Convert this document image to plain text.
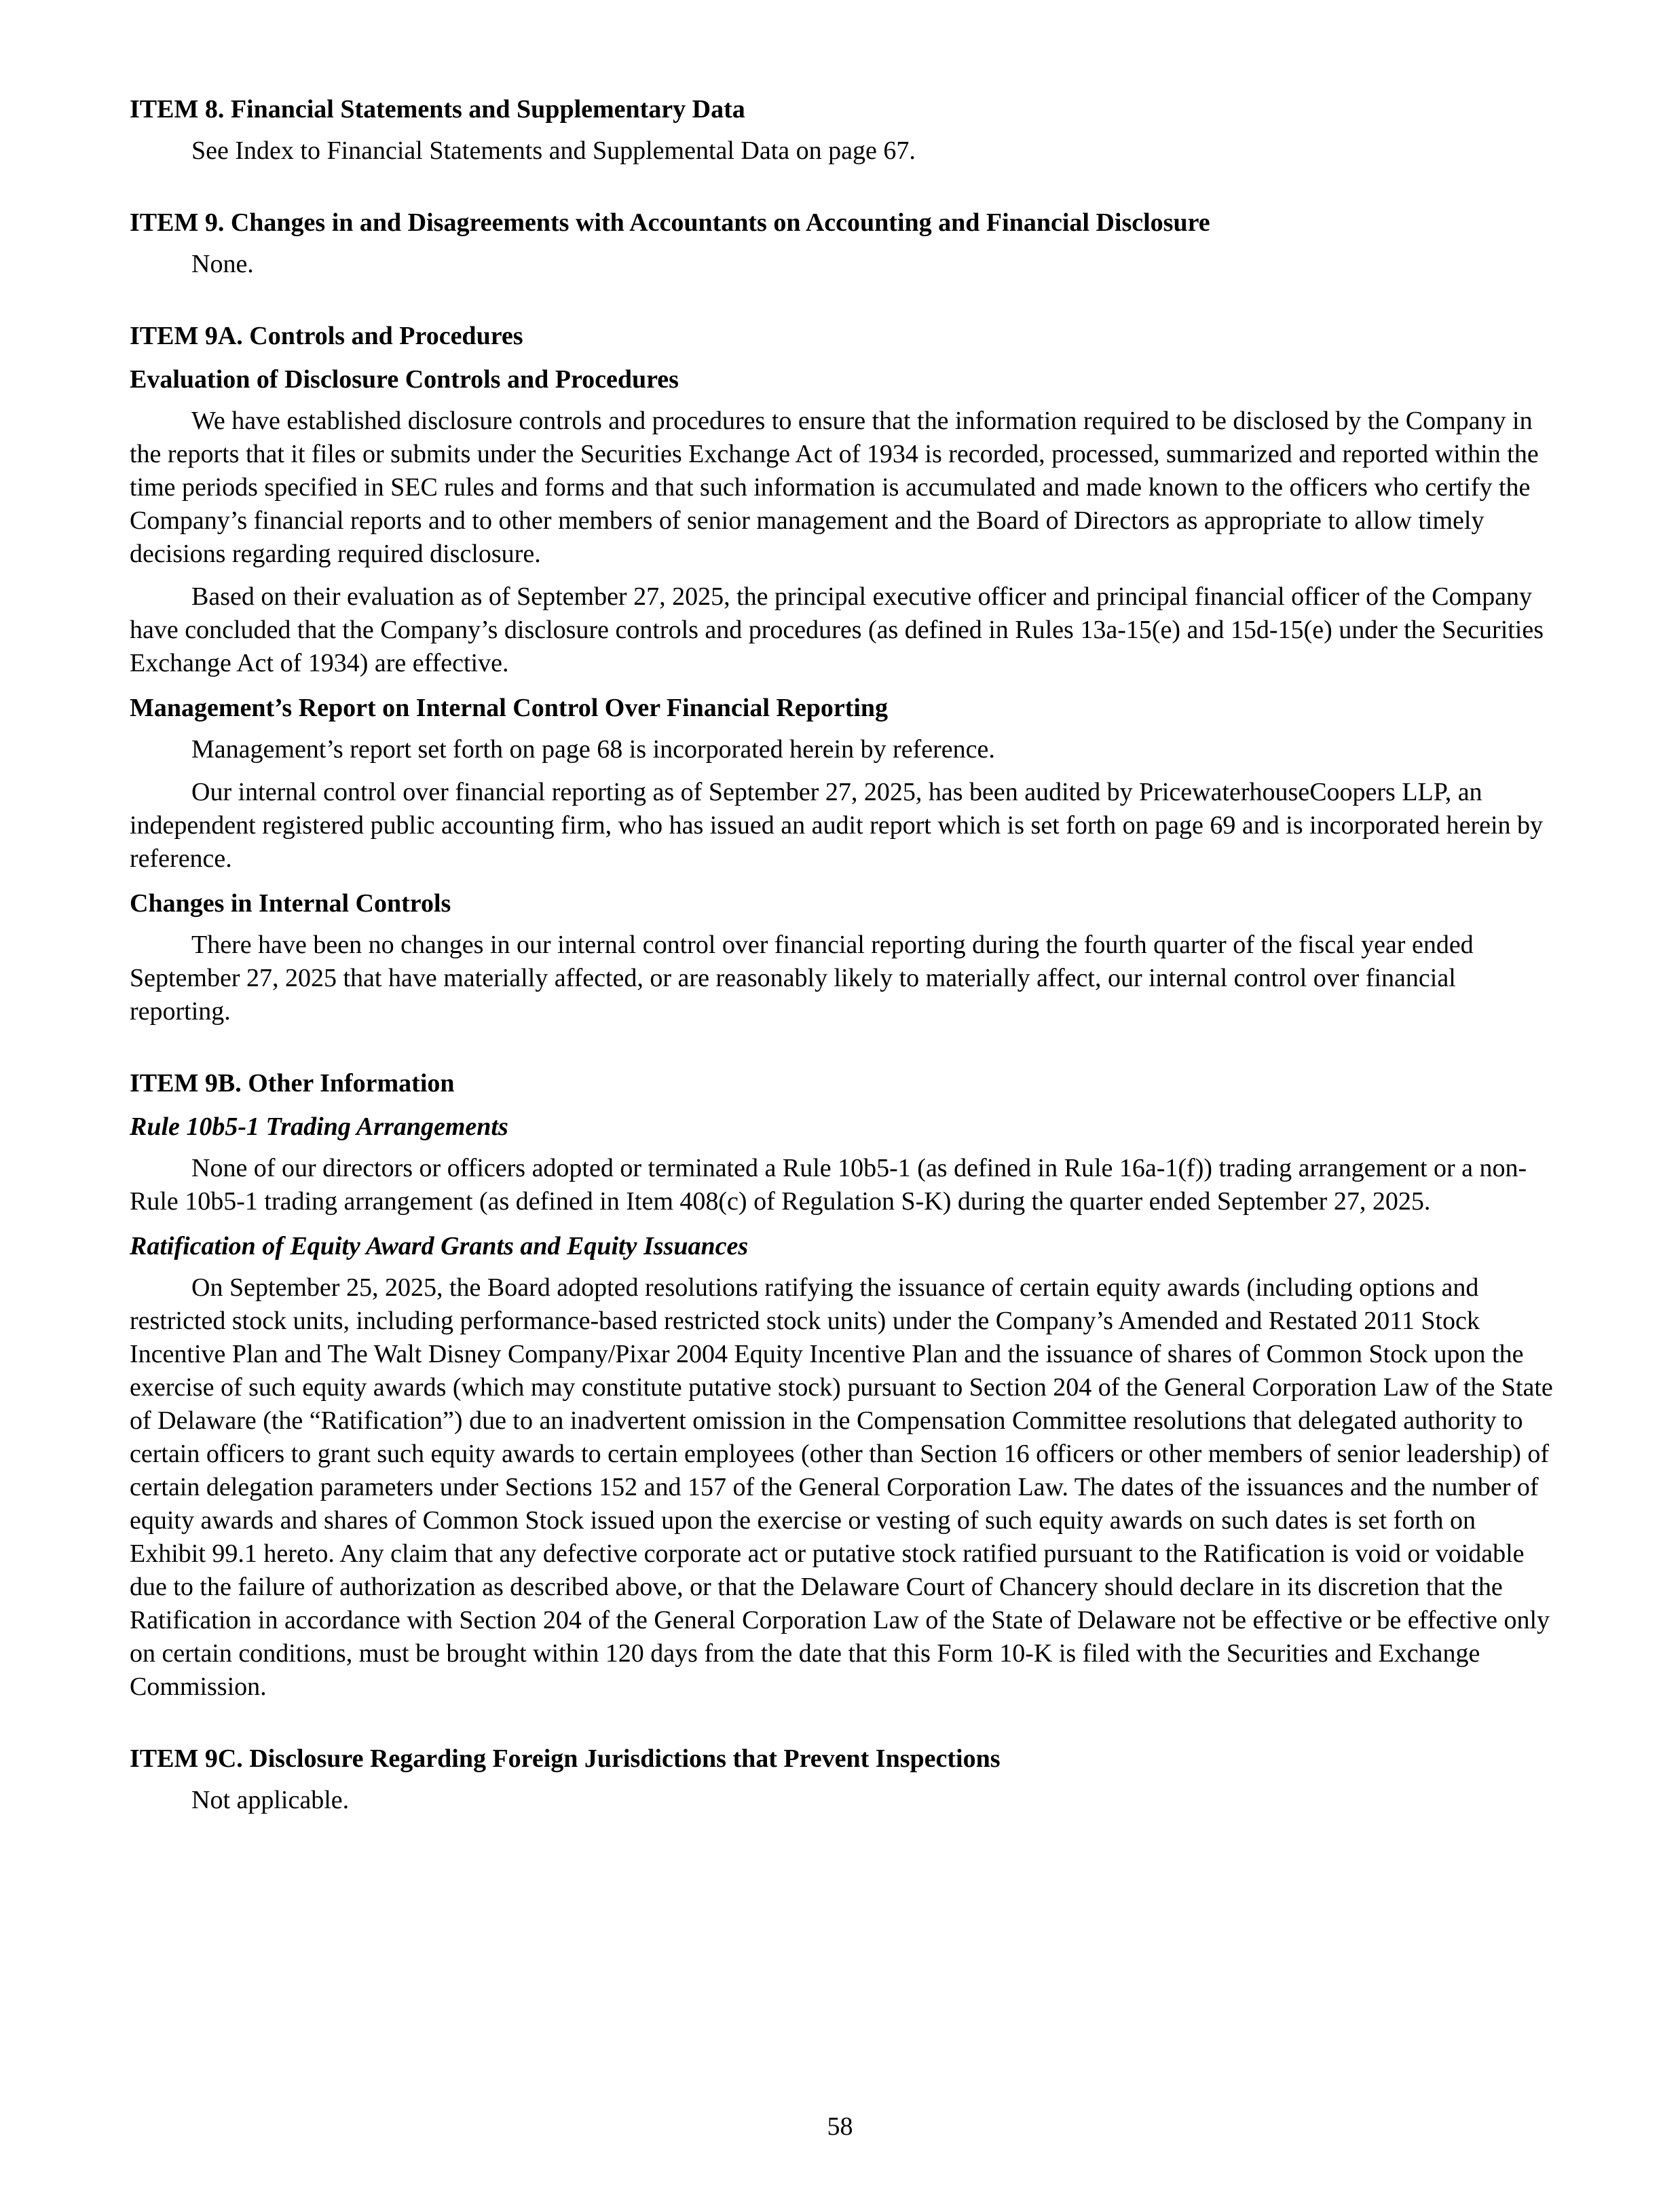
ITEM 8. Financial Statements and Supplementary Data

See Index to Financial Statements and Supplemental Data on page 67.

ITEM 9. Changes in and Disagreements with Accountants on Accounting and Financial Disclosure

None.

ITEM 9A. Controls and Procedures
Evaluation of Disclosure Controls and Procedures

We have established disclosure controls and procedures to ensure that the information required to be disclosed by the Company in the reports that it files or submits under the Securities Exchange Act of 1934 is recorded, processed, summarized and reported within the time periods specified in SEC rules and forms and that such information is accumulated and made known to the officers who certify the Company’s financial reports and to other members of senior management and the Board of Directors as appropriate to allow timely decisions regarding required disclosure.

Based on their evaluation as of September 27, 2025, the principal executive officer and principal financial officer of the Company have concluded that the Company’s disclosure controls and procedures (as defined in Rules 13a-15(e) and 15d-15(e) under the Securities Exchange Act of 1934) are effective.

Management’s Report on Internal Control Over Financial Reporting

Management’s report set forth on page 68 is incorporated herein by reference.

Our internal control over financial reporting as of September 27, 2025, has been audited by PricewaterhouseCoopers LLP, an independent registered public accounting firm, who has issued an audit report which is set forth on page 69 and is incorporated herein by reference.

Changes in Internal Controls

There have been no changes in our internal control over financial reporting during the fourth quarter of the fiscal year ended September 27, 2025 that have materially affected, or are reasonably likely to materially affect, our internal control over financial reporting.

ITEM 9B. Other Information
Rule 10b5-1 Trading Arrangements

None of our directors or officers adopted or terminated a Rule 10b5-1 (as defined in Rule 16a-1(f)) trading arrangement or a non-Rule 10b5-1 trading arrangement (as defined in Item 408(c) of Regulation S-K) during the quarter ended September 27, 2025.

Ratification of Equity Award Grants and Equity Issuances

On September 25, 2025, the Board adopted resolutions ratifying the issuance of certain equity awards (including options and restricted stock units, including performance-based restricted stock units) under the Company’s Amended and Restated 2011 Stock Incentive Plan and The Walt Disney Company/Pixar 2004 Equity Incentive Plan and the issuance of shares of Common Stock upon the exercise of such equity awards (which may constitute putative stock) pursuant to Section 204 of the General Corporation Law of the State of Delaware (the “Ratification”) due to an inadvertent omission in the Compensation Committee resolutions that delegated authority to certain officers to grant such equity awards to certain employees (other than Section 16 officers or other members of senior leadership) of certain delegation parameters under Sections 152 and 157 of the General Corporation Law. The dates of the issuances and the number of equity awards and shares of Common Stock issued upon the exercise or vesting of such equity awards on such dates is set forth on Exhibit 99.1 hereto. Any claim that any defective corporate act or putative stock ratified pursuant to the Ratification is void or voidable due to the failure of authorization as described above, or that the Delaware Court of Chancery should declare in its discretion that the Ratification in accordance with Section 204 of the General Corporation Law of the State of Delaware not be effective or be effective only on certain conditions, must be brought within 120 days from the date that this Form 10-K is filed with the Securities and Exchange Commission.

ITEM 9C. Disclosure Regarding Foreign Jurisdictions that Prevent Inspections

Not applicable.

58
